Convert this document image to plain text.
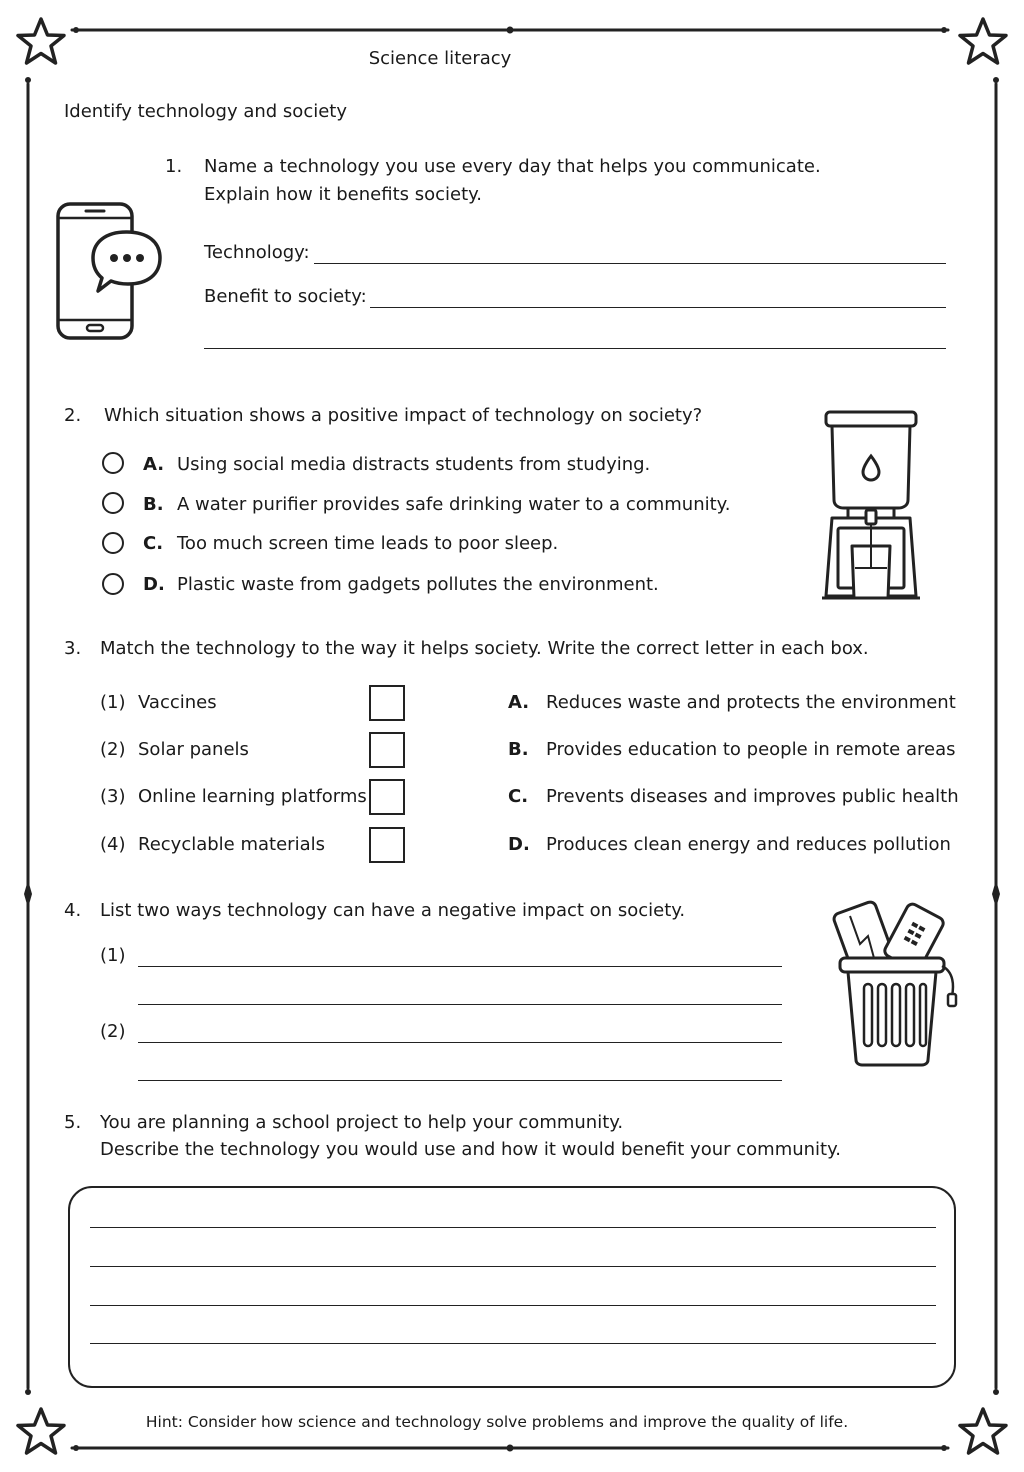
Science literacy
Identify technology and society
1. Name a technology you use every day that helps you communicate.
Explain how it benefits society.
Technology:
Benefit to society:
2. Which situation shows a positive impact of technology on society?
A. Using social media distracts students from studying.
B. A water purifier provides safe drinking water to a community.
C. Too much screen time leads to poor sleep.
D. Plastic waste from gadgets pollutes the environment.
3. Match the technology to the way it helps society. Write the correct letter in each box.
(1) Vaccines	A. Reduces waste and protects the environment
(2) Solar panels	B. Provides education to people in remote areas
(3) Online learning platforms	C. Prevents diseases and improves public health
(4) Recyclable materials	D. Produces clean energy and reduces pollution
4. List two ways technology can have a negative impact on society.
(1)
(2)
5. You are planning a school project to help your community.
Describe the technology you would use and how it would benefit your community.
Hint: Consider how science and technology solve problems and improve the quality of life.
